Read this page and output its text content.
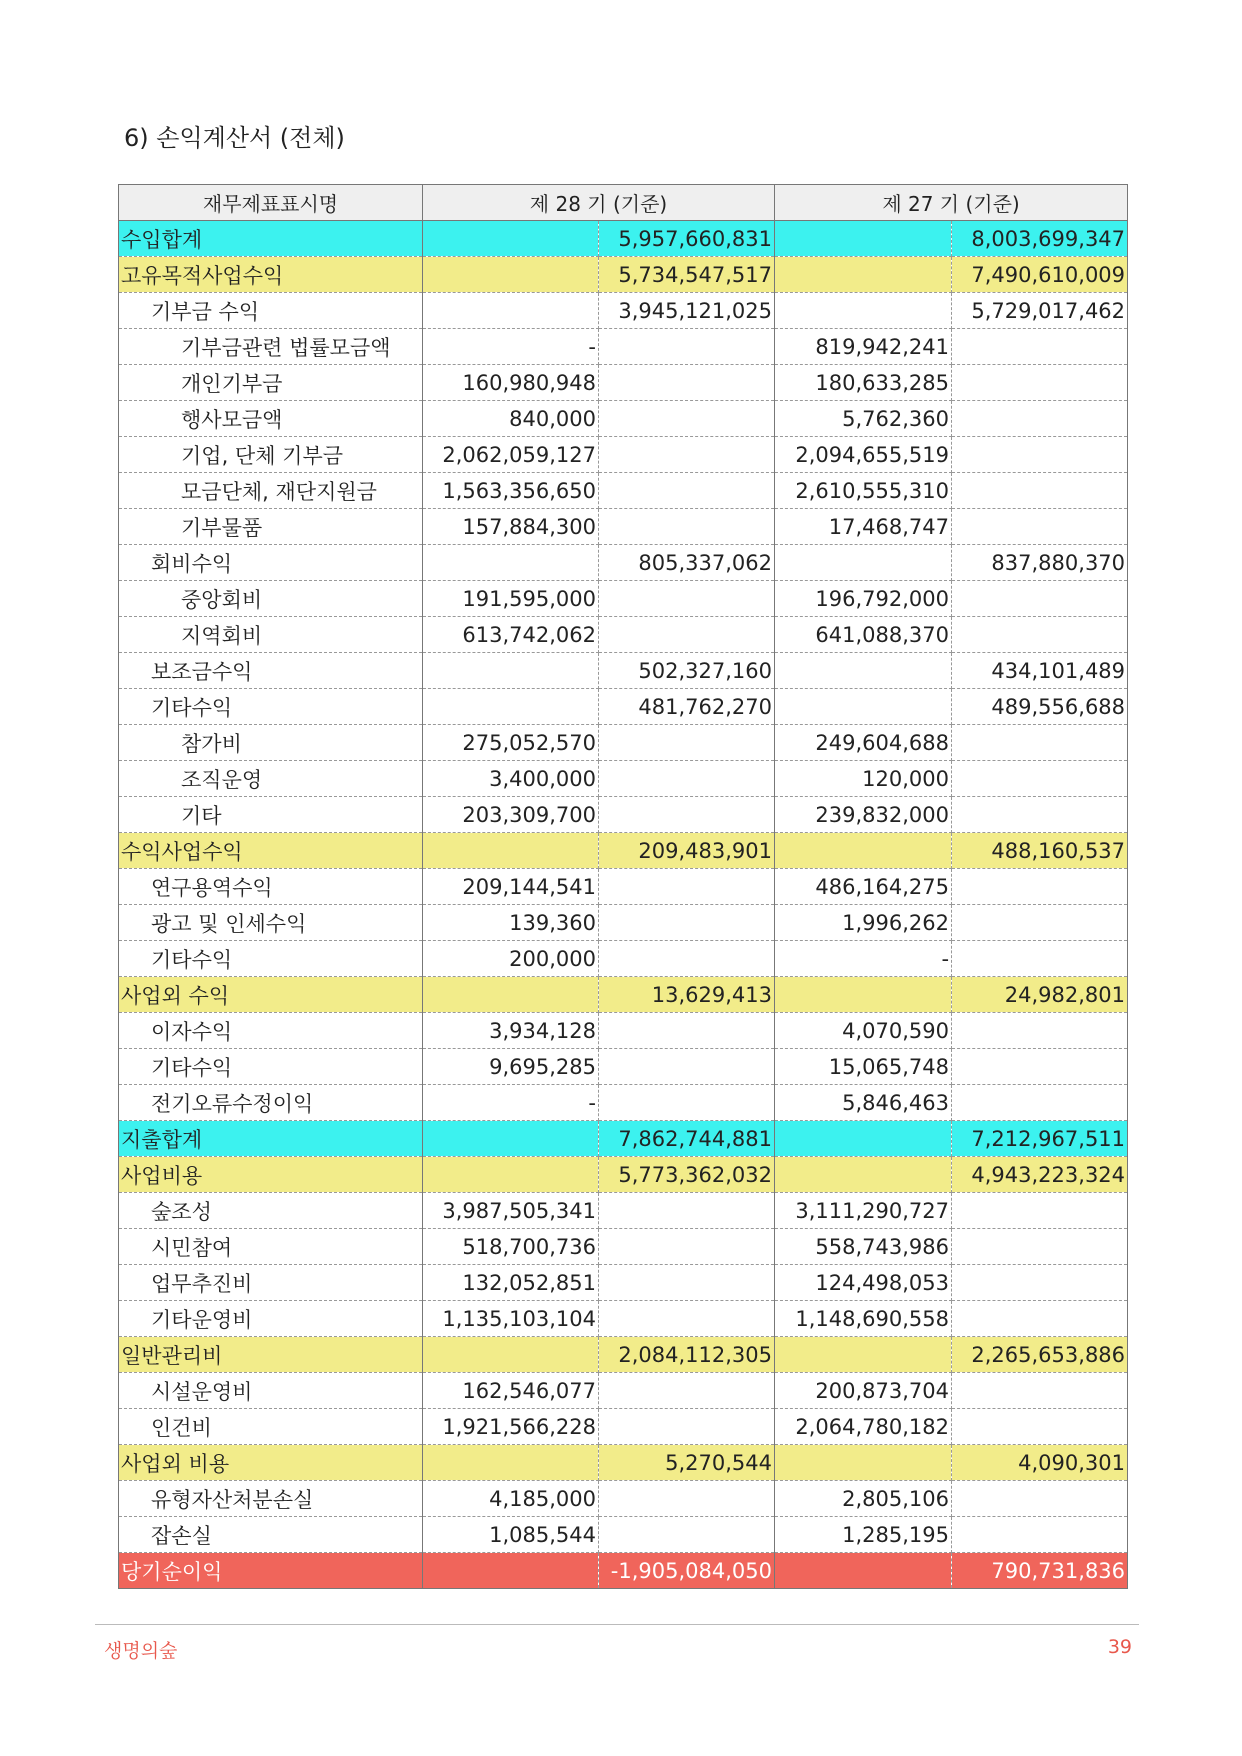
6) 손익계산서 (전체)
재무제표표시명	제 28 기 (기준)		제 27 기 (기준)	
수입합계		5,957,660,831		8,003,699,347
고유목적사업수익		5,734,547,517		7,490,610,009
기부금 수익		3,945,121,025		5,729,017,462
기부금관련 법률모금액	-		819,942,241	
개인기부금	160,980,948		180,633,285	
행사모금액	840,000		5,762,360	
기업, 단체 기부금	2,062,059,127		2,094,655,519	
모금단체, 재단지원금	1,563,356,650		2,610,555,310	
기부물품	157,884,300		17,468,747	
회비수익		805,337,062		837,880,370
중앙회비	191,595,000		196,792,000	
지역회비	613,742,062		641,088,370	
보조금수익		502,327,160		434,101,489
기타수익		481,762,270		489,556,688
참가비	275,052,570		249,604,688	
조직운영	3,400,000		120,000	
기타	203,309,700		239,832,000	
수익사업수익		209,483,901		488,160,537
연구용역수익	209,144,541		486,164,275	
광고 및 인세수익	139,360		1,996,262	
기타수익	200,000		-	
사업외 수익		13,629,413		24,982,801
이자수익	3,934,128		4,070,590	
기타수익	9,695,285		15,065,748	
전기오류수정이익	-		5,846,463	
지출합계		7,862,744,881		7,212,967,511
사업비용		5,773,362,032		4,943,223,324
숲조성	3,987,505,341		3,111,290,727	
시민참여	518,700,736		558,743,986	
업무추진비	132,052,851		124,498,053	
기타운영비	1,135,103,104		1,148,690,558	
일반관리비		2,084,112,305		2,265,653,886
시설운영비	162,546,077		200,873,704	
인건비	1,921,566,228		2,064,780,182	
사업외 비용		5,270,544		4,090,301
유형자산처분손실	4,185,000		2,805,106	
잡손실	1,085,544		1,285,195	
당기순이익		-1,905,084,050		790,731,836
생명의숲	39
